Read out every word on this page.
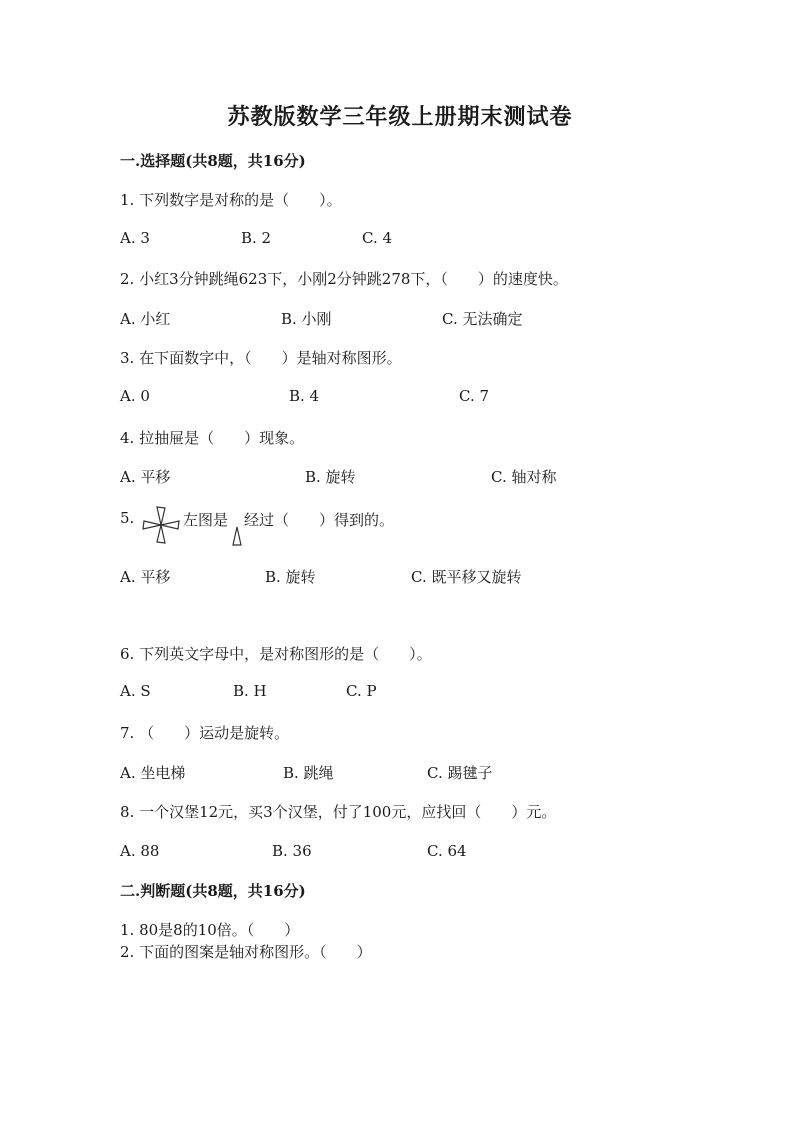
苏教版数学三年级上册期末测试卷
一.选择题(共8题，共16分)
1. 下列数字是对称的是（　　）。
A. 3	B. 2	C. 4
2. 小红3分钟跳绳623下，小刚2分钟跳278下，（　　）的速度快。
A. 小红	B. 小刚	C. 无法确定
3. 在下面数字中，（　　）是轴对称图形。
A. 0	B. 4	C. 7
4. 拉抽屉是（　　）现象。
A. 平移	B. 旋转	C. 轴对称
5.	左图是 经过（　　）得到的。
A. 平移	B. 旋转	C. 既平移又旋转
6. 下列英文字母中，是对称图形的是（　　）。
A. S	B. H	C. P
7. （　　）运动是旋转。
A. 坐电梯	B. 跳绳	C. 踢毽子
8. 一个汉堡12元，买3个汉堡，付了100元，应找回（　　）元。
A. 88	B. 36	C. 64
二.判断题(共8题，共16分)
1. 80是8的10倍。（　　）
2. 下面的图案是轴对称图形。（　　）
